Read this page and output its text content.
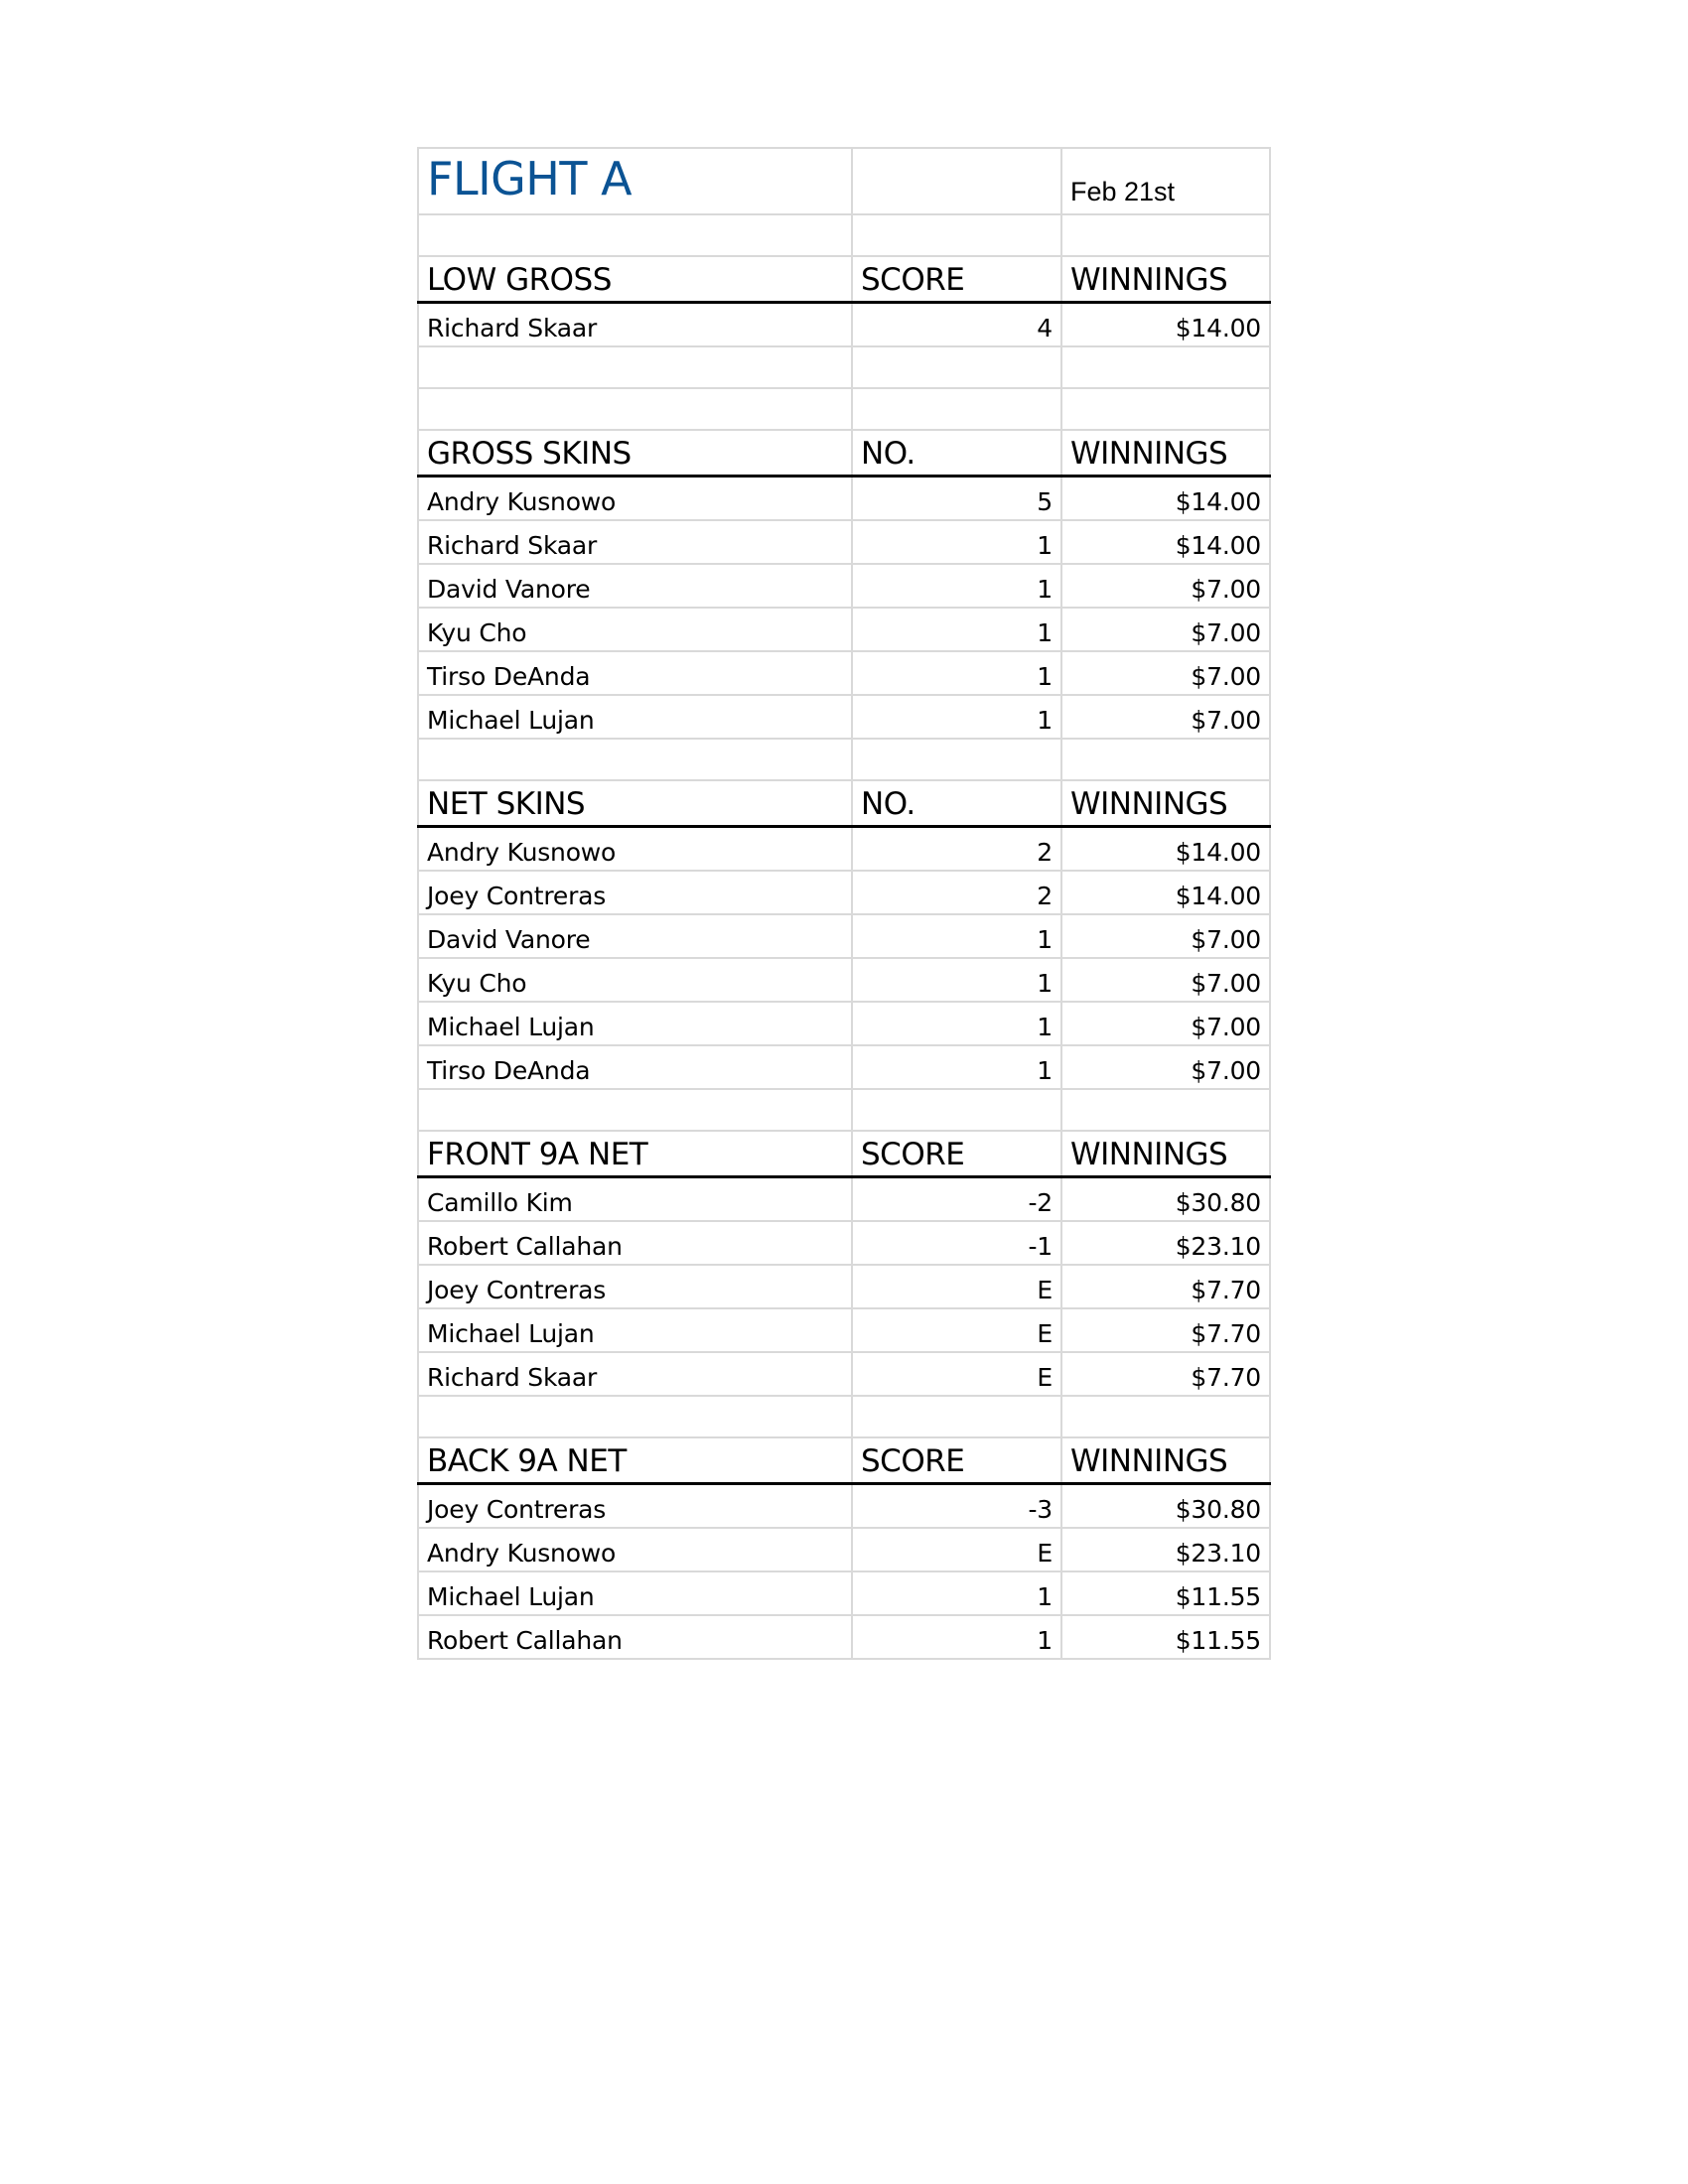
FLIGHT A		Feb 21st

LOW GROSS	SCORE	WINNINGS
Richard Skaar	4	$14.00

GROSS SKINS	NO.	WINNINGS
Andry Kusnowo	5	$14.00
Richard Skaar	1	$14.00
David Vanore	1	$7.00
Kyu Cho	1	$7.00
Tirso DeAnda	1	$7.00
Michael Lujan	1	$7.00

NET SKINS	NO.	WINNINGS
Andry Kusnowo	2	$14.00
Joey Contreras	2	$14.00
David Vanore	1	$7.00
Kyu Cho	1	$7.00
Michael Lujan	1	$7.00
Tirso DeAnda	1	$7.00

FRONT 9A NET	SCORE	WINNINGS
Camillo Kim	-2	$30.80
Robert Callahan	-1	$23.10
Joey Contreras	E	$7.70
Michael Lujan	E	$7.70
Richard Skaar	E	$7.70

BACK 9A NET	SCORE	WINNINGS
Joey Contreras	-3	$30.80
Andry Kusnowo	E	$23.10
Michael Lujan	1	$11.55
Robert Callahan	1	$11.55
